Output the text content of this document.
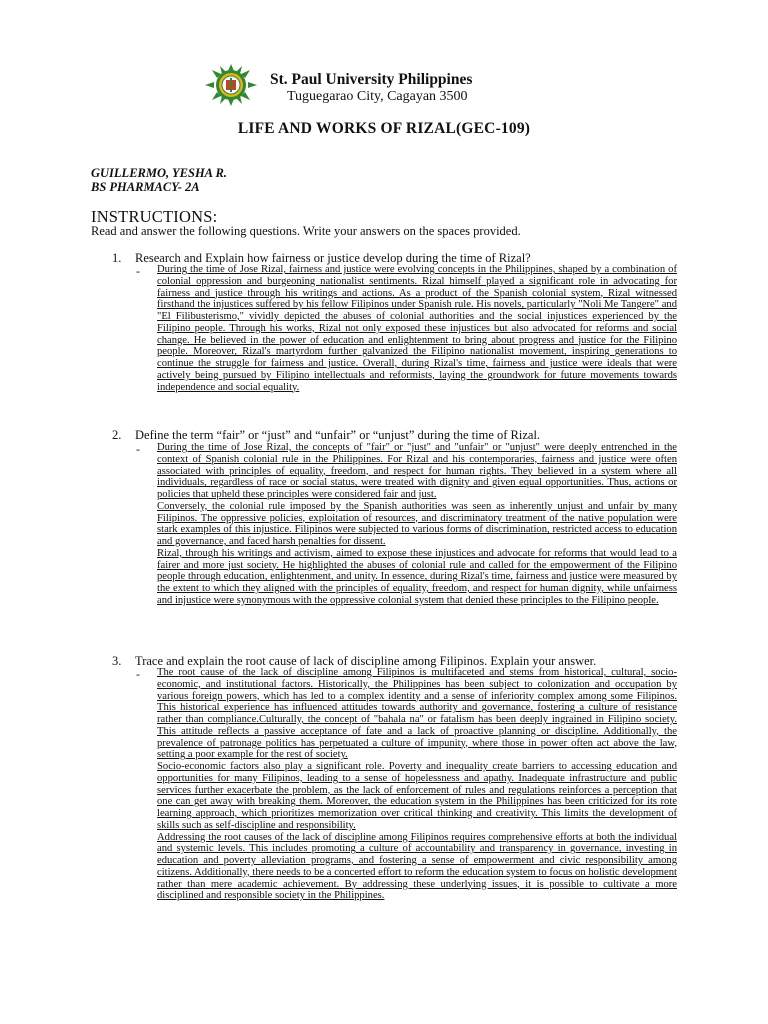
St. Paul University Philippines
Tuguegarao City, Cagayan 3500
LIFE AND WORKS OF RIZAL(GEC-109)
GUILLERMO, YESHA R.
BS PHARMACY- 2A
INSTRUCTIONS:
Read and answer the following questions. Write your answers on the spaces provided.
1. Research and Explain how fairness or justice develop during the time of Rizal?
- During the time of Jose Rizal, fairness and justice were evolving concepts in the Philippines, shaped by a combination of colonial oppression and burgeoning nationalist sentiments. Rizal himself played a significant role in advocating for fairness and justice through his writings and actions. As a product of the Spanish colonial system, Rizal witnessed firsthand the injustices suffered by his fellow Filipinos under Spanish rule. His novels, particularly "Noli Me Tangere" and "El Filibusterismo," vividly depicted the abuses of colonial authorities and the social injustices experienced by the Filipino people. Through his works, Rizal not only exposed these injustices but also advocated for reforms and social change. He believed in the power of education and enlightenment to bring about progress and justice for the Filipino people. Moreover, Rizal's martyrdom further galvanized the Filipino nationalist movement, inspiring generations to continue the struggle for fairness and justice. Overall, during Rizal's time, fairness and justice were ideals that were actively being pursued by Filipino intellectuals and reformists, laying the groundwork for future movements towards independence and social equality.

2. Define the term “fair” or “just” and “unfair” or “unjust” during the time of Rizal.
- During the time of Jose Rizal, the concepts of "fair" or "just" and "unfair" or "unjust" were deeply entrenched in the context of Spanish colonial rule in the Philippines. For Rizal and his contemporaries, fairness and justice were often associated with principles of equality, freedom, and respect for human rights. They believed in a system where all individuals, regardless of race or social status, were treated with dignity and given equal opportunities. Thus, actions or policies that upheld these principles were considered fair and just.

Conversely, the colonial rule imposed by the Spanish authorities was seen as inherently unjust and unfair by many Filipinos. The oppressive policies, exploitation of resources, and discriminatory treatment of the native population were stark examples of this injustice. Filipinos were subjected to various forms of discrimination, restricted access to education and governance, and faced harsh penalties for dissent.

Rizal, through his writings and activism, aimed to expose these injustices and advocate for reforms that would lead to a fairer and more just society. He highlighted the abuses of colonial rule and called for the empowerment of the Filipino people through education, enlightenment, and unity. In essence, during Rizal's time, fairness and justice were measured by the extent to which they aligned with the principles of equality, freedom, and respect for human dignity, while unfairness and injustice were synonymous with the oppressive colonial system that denied these principles to the Filipino people.

3. Trace and explain the root cause of lack of discipline among Filipinos. Explain your answer.
- The root cause of the lack of discipline among Filipinos is multifaceted and stems from historical, cultural, socio-economic, and institutional factors. Historically, the Philippines has been subject to colonization and occupation by various foreign powers, which has led to a complex identity and a sense of inferiority complex among some Filipinos. This historical experience has influenced attitudes towards authority and governance, fostering a culture of resistance rather than compliance.Culturally, the concept of "bahala na" or fatalism has been deeply ingrained in Filipino society. This attitude reflects a passive acceptance of fate and a lack of proactive planning or discipline. Additionally, the prevalence of patronage politics has perpetuated a culture of impunity, where those in power often act above the law, setting a poor example for the rest of society.

Socio-economic factors also play a significant role. Poverty and inequality create barriers to accessing education and opportunities for many Filipinos, leading to a sense of hopelessness and apathy. Inadequate infrastructure and public services further exacerbate the problem, as the lack of enforcement of rules and regulations reinforces a perception that one can get away with breaking them. Moreover, the education system in the Philippines has been criticized for its rote learning approach, which prioritizes memorization over critical thinking and creativity. This limits the development of skills such as self-discipline and responsibility.

Addressing the root causes of the lack of discipline among Filipinos requires comprehensive efforts at both the individual and systemic levels. This includes promoting a culture of accountability and transparency in governance, investing in education and poverty alleviation programs, and fostering a sense of empowerment and civic responsibility among citizens. Additionally, there needs to be a concerted effort to reform the education system to focus on holistic development rather than mere academic achievement. By addressing these underlying issues, it is possible to cultivate a more disciplined and responsible society in the Philippines.
